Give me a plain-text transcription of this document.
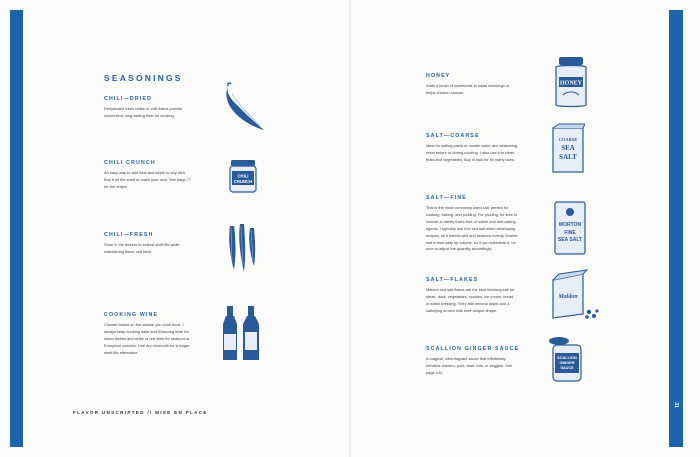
SEASONINGS
CHILI—DRIED

Dehydrated fresh chiles or chili flakes provide convenient, long-lasting heat for cooking.

CHILI CRUNCH

An easy way to add heat and depth to any dish. Buy it off the shelf or make your own. See page 77 for the recipe.

CHILI—FRESH

Store in the freezer to extend shelf life while maintaining flavor and heat.

COOKING WINE

Choose based on the cuisine you cook most. I always keep cooking sake and Shaoxing wine for Asian dishes and white or red wine for seafood or European cuisines. Use dry vermouth for a longer shelf-life alternative.

HONEY

Adds a touch of sweetness to salad dressings or helps chicken sauces.

SALT—COARSE

Ideal for salting pasta or noodle water and seasoning meat before or during cooking. I also use it to clean fruits and vegetables. Buy in bulk for its many uses.

SALT—FINE

This is the most commonly used salt, perfect for cooking, baking, and pickling. For pickling, be sure to choose a variety that’s free of iodine and anti-caking agents. I typically use fine sea salt when developing recipes, as it blends well and seasons evenly. Kosher salt is less salty by volume, so if you substitute it, be sure to adjust the quantity accordingly.

SALT—FLAKES

Maldon sea salt flakes are the best finishing salt for steak, duck, vegetables, cookies, ice cream, bread, or salad dressing. They add mineral depth and a satisfying crunch with their unique shape.

SCALLION GINGER SAUCE

A magical, ultra-fragrant sauce that effortlessly elevates chicken, pork, beef, tofu, or veggies. See page 142.

CHILI
CRUNCH
HONEY
COARSE
SEA
SALT
MORTON
FINE
SEA SALT
Maldon
SCALLION
GINGER
SAUCE
FLAVOR UNSCRIPTED // MISE EN PLACE
31
